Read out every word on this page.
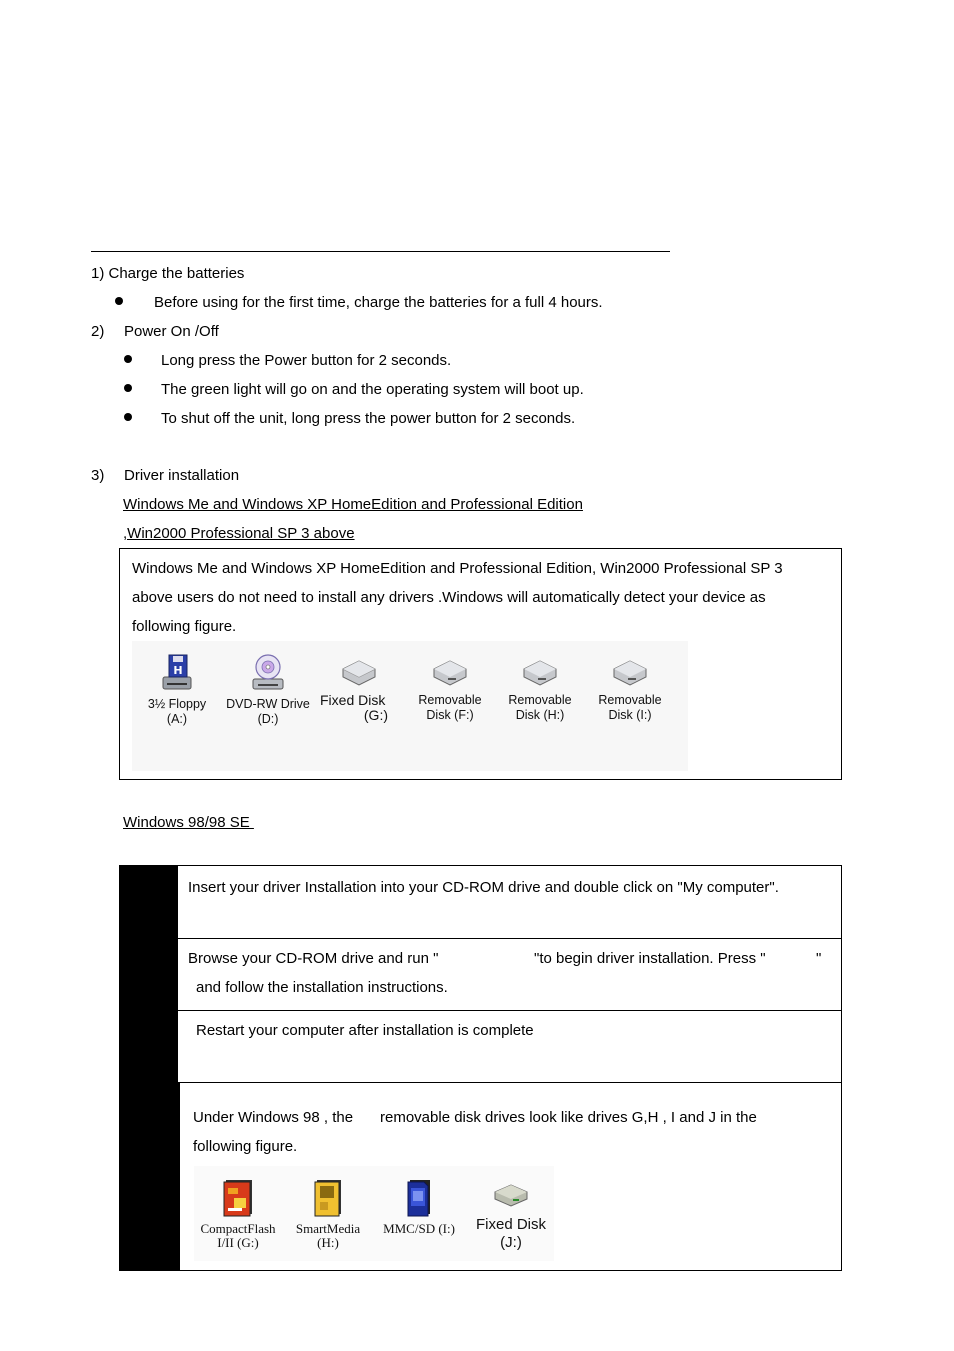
1) Charge the batteries
Before using for the first time, charge the batteries for a full 4 hours.
2) Power On /Off
Long press the Power button for 2 seconds.
The green light will go on and the operating system will boot up.
To shut off the unit, long press the power button for 2 seconds.
3) Driver installation
Windows Me and Windows XP HomeEdition and Professional Edition
,Win2000 Professional SP 3 above
Windows Me and Windows XP HomeEdition and Professional Edition, Win2000 Professional SP 3
above users do not need to install any drivers .Windows will automatically detect your device as
following figure.
H
3½ Floppy
(A:)
DVD-RW Drive
(D:)
Fixed Disk
(G:)
Removable
Disk (F:)
Removable
Disk (H:)
Removable
Disk (I:)
Windows 98/98 SE
Insert your driver Installation into your CD-ROM drive and double click on "My computer".
Browse your CD-ROM drive and run "	"to begin driver installation. Press "	"
and follow the installation instructions.
Restart your computer after installation is complete
Under Windows 98 , the removable disk drives look like drives G,H , I and J in the
following figure.
CompactFlash
I/II (G:)
SmartMedia
(H:)
MMC/SD (I:)	Fixed Disk
(J:)
